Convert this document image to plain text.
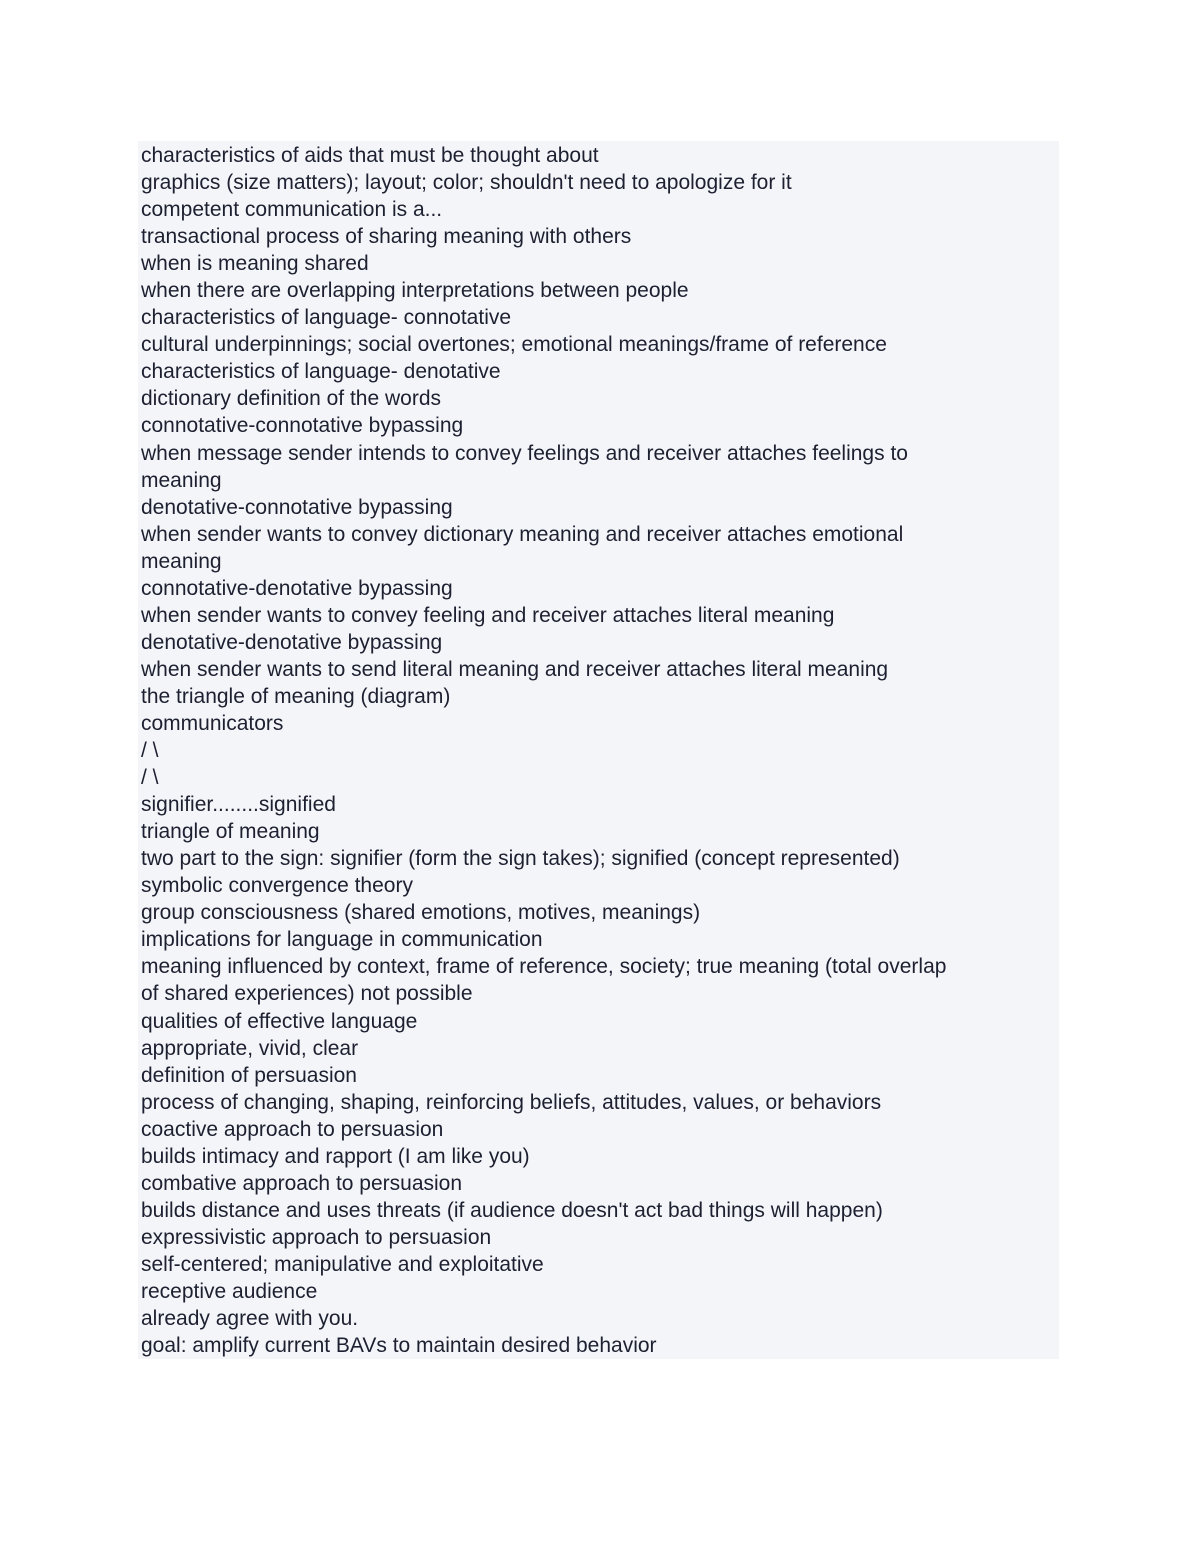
characteristics of aids that must be thought about
graphics (size matters); layout; color; shouldn't need to apologize for it
competent communication is a...
transactional process of sharing meaning with others
when is meaning shared
when there are overlapping interpretations between people
characteristics of language- connotative
cultural underpinnings; social overtones; emotional meanings/frame of reference
characteristics of language- denotative
dictionary definition of the words
connotative-connotative bypassing
when message sender intends to convey feelings and receiver attaches feelings to
meaning
denotative-connotative bypassing
when sender wants to convey dictionary meaning and receiver attaches emotional
meaning
connotative-denotative bypassing
when sender wants to convey feeling and receiver attaches literal meaning
denotative-denotative bypassing
when sender wants to send literal meaning and receiver attaches literal meaning
the triangle of meaning (diagram)
communicators
/ \
/ \
signifier........signified
triangle of meaning
two part to the sign: signifier (form the sign takes); signified (concept represented)
symbolic convergence theory
group consciousness (shared emotions, motives, meanings)
implications for language in communication
meaning influenced by context, frame of reference, society; true meaning (total overlap
of shared experiences) not possible
qualities of effective language
appropriate, vivid, clear
definition of persuasion
process of changing, shaping, reinforcing beliefs, attitudes, values, or behaviors
coactive approach to persuasion
builds intimacy and rapport (I am like you)
combative approach to persuasion
builds distance and uses threats (if audience doesn't act bad things will happen)
expressivistic approach to persuasion
self-centered; manipulative and exploitative
receptive audience
already agree with you.
goal: amplify current BAVs to maintain desired behavior
